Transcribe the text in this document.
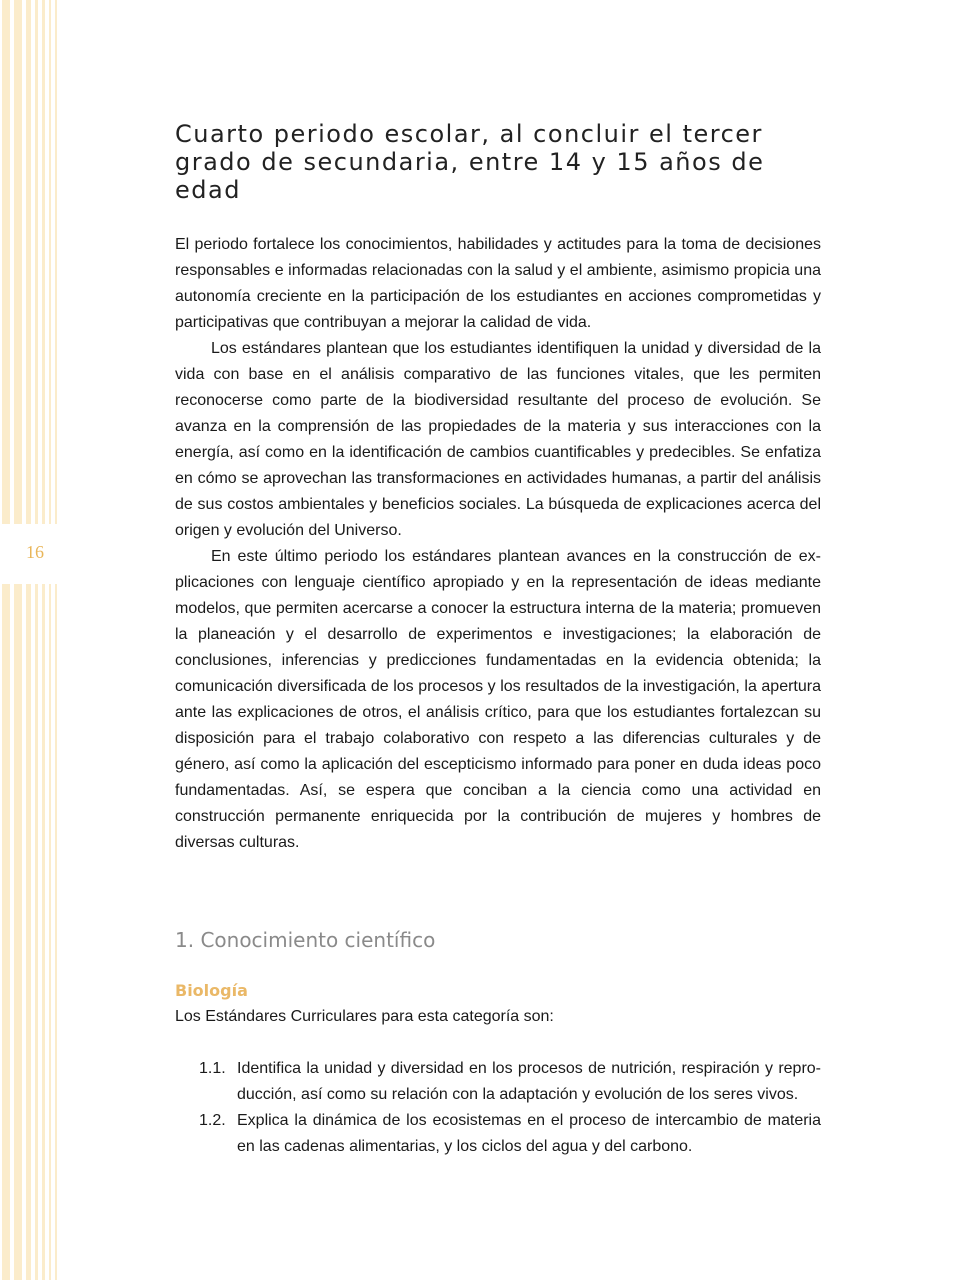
16
Cuarto periodo escolar, al concluir el tercer grado de secundaria, entre 14 y 15 años de edad

El periodo fortalece los conocimientos, habilidades y actitudes para la toma de decisiones responsables e informadas relacionadas con la salud y el ambiente, asimismo propicia una autonomía creciente en la participación de los estudiantes en acciones comprometidas y participativas que contribuyan a mejorar la calidad de vida.

Los estándares plantean que los estudiantes identifiquen la unidad y diversidad de la vida con base en el análisis comparativo de las funciones vitales, que les permiten reconocerse como parte de la biodiversidad resultante del proceso de evolución. Se avanza en la comprensión de las propiedades de la materia y sus interacciones con la energía, así como en la identificación de cambios cuantificables y predecibles. Se enfatiza en cómo se aprovechan las transformaciones en actividades humanas, a partir del análisis de sus costos ambientales y beneficios sociales. La búsqueda de explicaciones acerca del origen y evolución del Universo.

En este último periodo los estándares plantean avances en la construcción de explicaciones con lenguaje científico apropiado y en la representación de ideas mediante modelos, que permiten acercarse a conocer la estructura interna de la materia; promueven la planeación y el desarrollo de experimentos e investigaciones; la elaboración de conclusiones, inferencias y predicciones fundamentadas en la evidencia obtenida; la comunicación diversificada de los procesos y los resultados de la investigación, la apertura ante las explicaciones de otros, el análisis crítico, para que los estudiantes fortalezcan su disposición para el trabajo colaborativo con respeto a las diferencias culturales y de género, así como la aplicación del escepticismo informado para poner en duda ideas poco fundamentadas. Así, se espera que conciban a la ciencia como una actividad en construcción permanente enriquecida por la contribución de mujeres y hombres de diversas culturas.

1. Conocimiento científico
Biología

Los Estándares Curriculares para esta categoría son:

1.1. Identifica la unidad y diversidad en los procesos de nutrición, respiración y reproducción, así como su relación con la adaptación y evolución de los seres vivos.
1.2. Explica la dinámica de los ecosistemas en el proceso de intercambio de materia en las cadenas alimentarias, y los ciclos del agua y del carbono.
